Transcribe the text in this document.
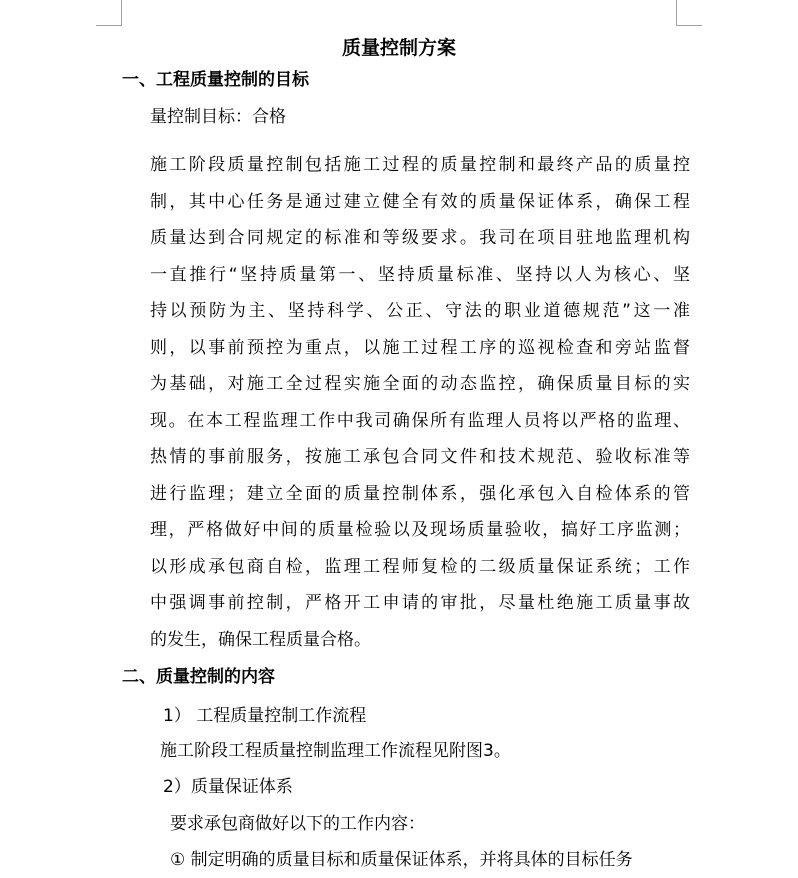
质量控制方案
一、工程质量控制的目标
量控制目标：合格
施工阶段质量控制包括施工过程的质量控制和最终产品的质量控
制，其中心任务是通过建立健全有效的质量保证体系，确保工程
质量达到合同规定的标准和等级要求。我司在项目驻地监理机构
一直推行“坚持质量第一、坚持质量标准、坚持以人为核心、坚
持以预防为主、坚持科学、公正、守法的职业道德规范”这一准
则，以事前预控为重点，以施工过程工序的巡视检查和旁站监督
为基础，对施工全过程实施全面的动态监控，确保质量目标的实
现。在本工程监理工作中我司确保所有监理人员将以严格的监理、
热情的事前服务，按施工承包合同文件和技术规范、验收标准等
进行监理；建立全面的质量控制体系，强化承包入自检体系的管
理，严格做好中间的质量检验以及现场质量验收，搞好工序监测；
以形成承包商自检，监理工程师复检的二级质量保证系统；工作
中强调事前控制，严格开工申请的审批，尽量杜绝施工质量事故
的发生，确保工程质量合格。
二、质量控制的内容
1） 工程质量控制工作流程
施工阶段工程质量控制监理工作流程见附图3。
2）质量保证体系
要求承包商做好以下的工作内容：
① 制定明确的质量目标和质量保证体系，并将具体的目标任务
